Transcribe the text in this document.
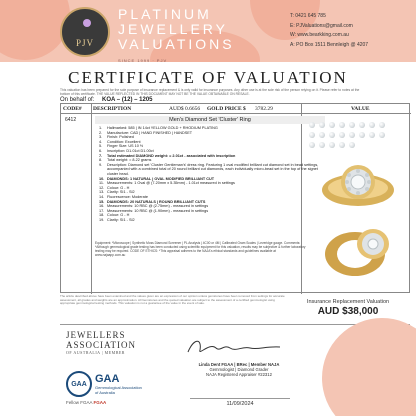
PJV
PLATINUM
JEWELLERY
VALUATIONS
SINCE 1999 · PJV
T: 0421 645 785
E: PJValuations@gmail.com
W: www.bearkking.com.au
A: PO Box 1511 Bennleigh @ 4207
CERTIFICATE OF VALUATION
This valuation has been prepared for the sole purpose of insurance replacement & is only valid for insurance purposes. Any other use is at the sole risk of the person relying on it. Please refer to notes at the bottom of this certificate. THE VALUE REFLECTED IN THIS DOCUMENT MAY NOT BE THE VALUE OBTAINABLE ON RESALE.
On behalf of: KOA – (12) – 1205
CODE# DESCRIPTION	AUD$ 0.6656 GOLD PRICE $ 3782.29	VALUE
6412	Men's Diamond Set 'Cluster' Ring
1.	Hallmarked: 585 | IN 14ct YELLOW GOLD + RHODIUM PLATING
2.	Manufacture: CAD | HAND FINISHED | HANDSET
3.	Finish: Polished
4.	Condition: Excellent
5.	Finger Size: US 10 ½
6.	Inscription: D1.01ct D1.00ct
7.	Total estimated DIAMOND weight: = 2.01ct - associated with inscription
8.	Total weight: = 8.22 grams
9.	Description: Diamond set 'Cluster Gentleman's' dress ring. Featuring 1 oval modified brilliant cut diamond set in bead settings, accompanied with a combined total of 20 round brilliant cut diamonds, each individually micro-bead set in the top of the signet cluster head.
10. DIAMONDS: 1 NATURAL | OVAL MODIFIED BRILLIANT CUT
11. Measurements: 1 Oval @ (7.20mm x 5.35mm) - 1.01ct measured in settings
12. Colour: G - H
13. Clarity: SI1 - SI2
14. Fluorescence: Moderate
15. DIAMONDS: 20 NATURALS | ROUND BRILLIANT CUTS
16. Measurements: 10 RBC @ (2.75mm) - measured in settings
17. Measurements: 10 RBC @ (1.90mm) - measured in settings
18. Colour: G - H
19. Clarity: SI1 - SI2
Equipment: *Microscope | Synthetic Moss Diamond Screener | PL Analysis | 4C00 or 4M | Calibrated Gram Scales | Leveridge gauge. Comments: *Although gemmological grade testing has been conducted using scientific equipment for this valuation, results may be subjective & further laboratory testing may be required. CODE OF ETHICS: *This appraisal adheres to the NAJA's ethical standards and guidelines available at www.najaapp.com.au
The article described above have been examined and the values given are an expression of our opinion unless gemstones have been removed from settings for accurate assessment, all grades and weights are an approximation. All Gemstones and the quoted valuation are subject to the assessment of a certified gemmologist using appropriate gemmological testing methods. This valuation is not a guarantee of the value in the event of sale.	Insurance Replacement Valuation
AUD $38,000
JEWELLERS
ASSOCIATION
OF AUSTRALIA | MEMBER
GAA GAA
Gemmological Association
of Australia
Fellow FGAA FGAA
Linda Dent FGAA | BRec | Member NAJA
Gemmologist | Diamond Grader
NAJA Registered Appraiser #22312
11/09/2024
